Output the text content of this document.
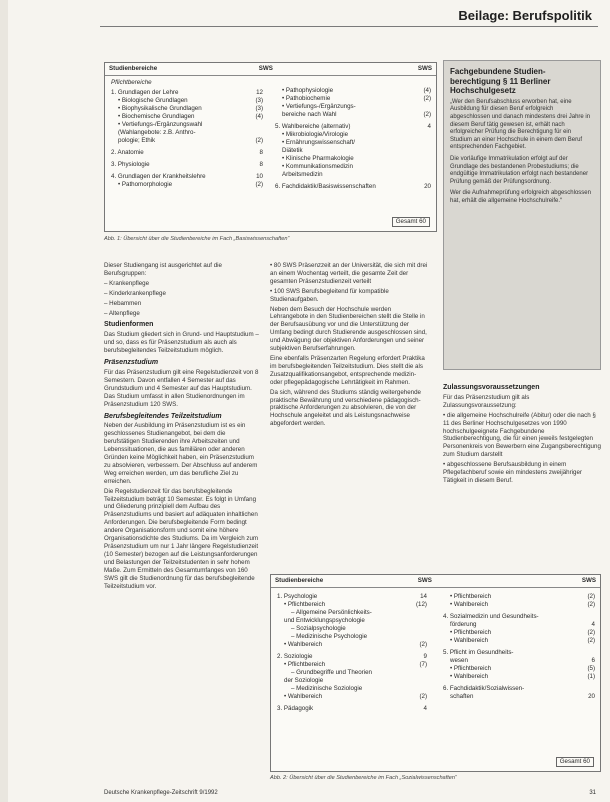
Beilage: Berufspolitik
Studienbereiche	SWS	SWS
Pflichtbereiche
1. Grundlagen der Lehre	12
• Biologische Grundlagen	(3)
• Biophysikalische Grundlagen	(3)
• Biochemische Grundlagen	(4)
• Vertiefungs-/Ergänzungswahl
(Wahlangebote: z.B. Anthro-
pologie; Ethik	(2)
2. Anatomie	8
3. Physiologie	8
4. Grundlagen der Krankheitslehre	10
• Pathomorphologie	(2)
• Pathophysiologie	(4)
• Pathobiochemie	(2)
• Vertiefungs-/Ergänzungs-
bereiche nach Wahl	(2)
5. Wahlbereiche (alternativ)	4
• Mikrobiologie/Virologie
• Ernährungswissenschaft/
Diätetik
• Klinische Pharmakologie
• Kommunikationsmedizin
Arbeitsmedizin
6. Fachdidaktik/Basiswissenschaften	20
Gesamt 60
Abb. 1: Übersicht über die Studienbereiche im Fach „Basiswissenschaften“
Fachgebundene Studien-berechtigung § 11 Berliner Hochschulgesetz

„Wer den Berufsabschluss erworben hat, eine Ausbildung für diesen Beruf erfolgreich abgeschlossen und danach mindestens drei Jahre in diesem Beruf tätig gewesen ist, erhält nach erfolgreicher Prüfung die Berechtigung für ein Studium an einer Hochschule in einem dem Beruf entsprechenden Fachgebiet.

Die vorläufige Immatrikulation erfolgt auf der Grundlage des bestandenen Probestudiums; die endgültige Immatrikulation erfolgt nach bestandener Prüfung gemäß der Prüfungsordnung.

Wer die Aufnahmeprüfung erfolgreich abgeschlossen hat, erhält die allgemeine Hochschulreife.“

Dieser Studiengang ist ausgerichtet auf die Berufsgruppen:

– Krankenpflege

– Kinderkrankenpflege

– Hebammen

– Altenpflege

Studienformen

Das Studium gliedert sich in Grund- und Hauptstudium – und so, dass es für Präsenzstudium als auch als berufsbegleitendes Teilzeitstudium möglich.

Präsenzstudium

Für das Präsenzstudium gilt eine Regelstudienzeit von 8 Semestern. Davon entfallen 4 Semester auf das Grundstudium und 4 Semester auf das Hauptstudium. Das Studium umfasst in allen Studienordnungen im Präsenzstudium 120 SWS.

Berufsbegleitendes Teilzeitstudium

Neben der Ausbildung im Präsenzstudium ist es ein geschlossenes Studienangebot, bei dem die berufstätigen Studierenden ihre Arbeitszeiten und Lebenssituationen, die aus familiären oder anderen Gründen keine Möglichkeit haben, ein Präsenzstudium zu absolvieren, verbessern. Der Abschluss auf anderem Weg erreichen werden, um das berufliche Ziel zu erreichen.

Die Regelstudienzeit für das berufsbegleitende Teilzeitstudium beträgt 10 Semester. Es folgt in Umfang und Gliederung prinzipiell dem Aufbau des Präsenzstudiums und basiert auf adäquaten inhaltlichen Anforderungen. Die berufsbegleitende Form bedingt andere Organisationsform und somit eine höhere Organisationsdichte des Studiums. Da im Vergleich zum Präsenzstudium um nur 1 Jahr längere Regelstudienzeit (10 Semester) bezogen auf die Leistungsanforderungen und Belastungen der Teilzeitstudenten in sehr hohem Maße. Zum Ermitteln des Gesamtumfanges von 160 SWS gilt die Studienordnung für das berufsbegleitende Teilzeitstudium vor.

• 80 SWS Präsenzzeit an der Universität, die sich mit drei an einem Wochentag verteilt, die gesamte Zeit der gesamten Präsenzstudienzeit verteilt

• 100 SWS Berufsbegleitend für kompatible Studienaufgaben.

Neben dem Besuch der Hochschule werden Lehrangebote in den Studienbereichen stellt die Stelle in der Berufsausübung vor und die Unterstützung der Umfang bedingt durch Studierende ausgeschlossen sind, und Abwägung der objektiven Anforderungen und seiner subjektiven Berufserfahrungen.

Eine ebenfalls Präsenzarten Regelung erfordert Praktika im berufsbegleitenden Teilzeitstudium. Dies stellt die als Zusatzqualifikationsangebot, entsprechende medizin- oder pflegepädagogische Lehrtätigkeit im Rahmen.

Da sich, während des Studiums ständig weitergehende praktische Bewährung und verschiedene pädagogisch-praktische Anforderungen zu absolvieren, die von der Hochschule angeleitet und als Leistungsnachweise abgefordert werden.

Zulassungsvoraussetzungen

Für das Präsenzstudium gilt als Zulassungsvoraussetzung:

• die allgemeine Hochschulreife (Abitur) oder die nach § 11 des Berliner Hochschulgesetzes von 1990 hochschulgeeignete Fachgebundene Studienberechtigung, die für einen jeweils festgelegten Personenkreis von Bewerbern eine Zugangsberechtigung zum Studium darstellt

• abgeschlossene Berufsausbildung in einem Pflegefachberuf sowie ein mindestens zweijähriger Tätigkeit in diesem Beruf.

Studienbereiche	SWS	SWS
1. Psychologie	14
• Pflichtbereich	(12)
– Allgemeine Persönlichkeits-
und Entwicklungspsychologie
– Sozialpsychologie
– Medizinische Psychologie
• Wahlbereich	(2)
2. Soziologie	9
• Pflichtbereich	(7)
– Grundbegriffe und Theorien
der Soziologie
– Medizinische Soziologie
• Wahlbereich	(2)
3. Pädagogik	4
• Pflichtbereich	(2)
• Wahlbereich	(2)
4. Sozialmedizin und Gesundheits-
förderung	4
• Pflichtbereich	(2)
• Wahlbereich	(2)
5. Pflicht im Gesundheits-
wesen	6
• Pflichtbereich	(5)
• Wahlbereich	(1)
6. Fachdidaktik/Sozialwissen-
schaften	20
Gesamt 60
Abb. 2: Übersicht über die Studienbereiche im Fach „Sozialwissenschaften“
Deutsche Krankenpflege-Zeitschrift 9/1992	31
